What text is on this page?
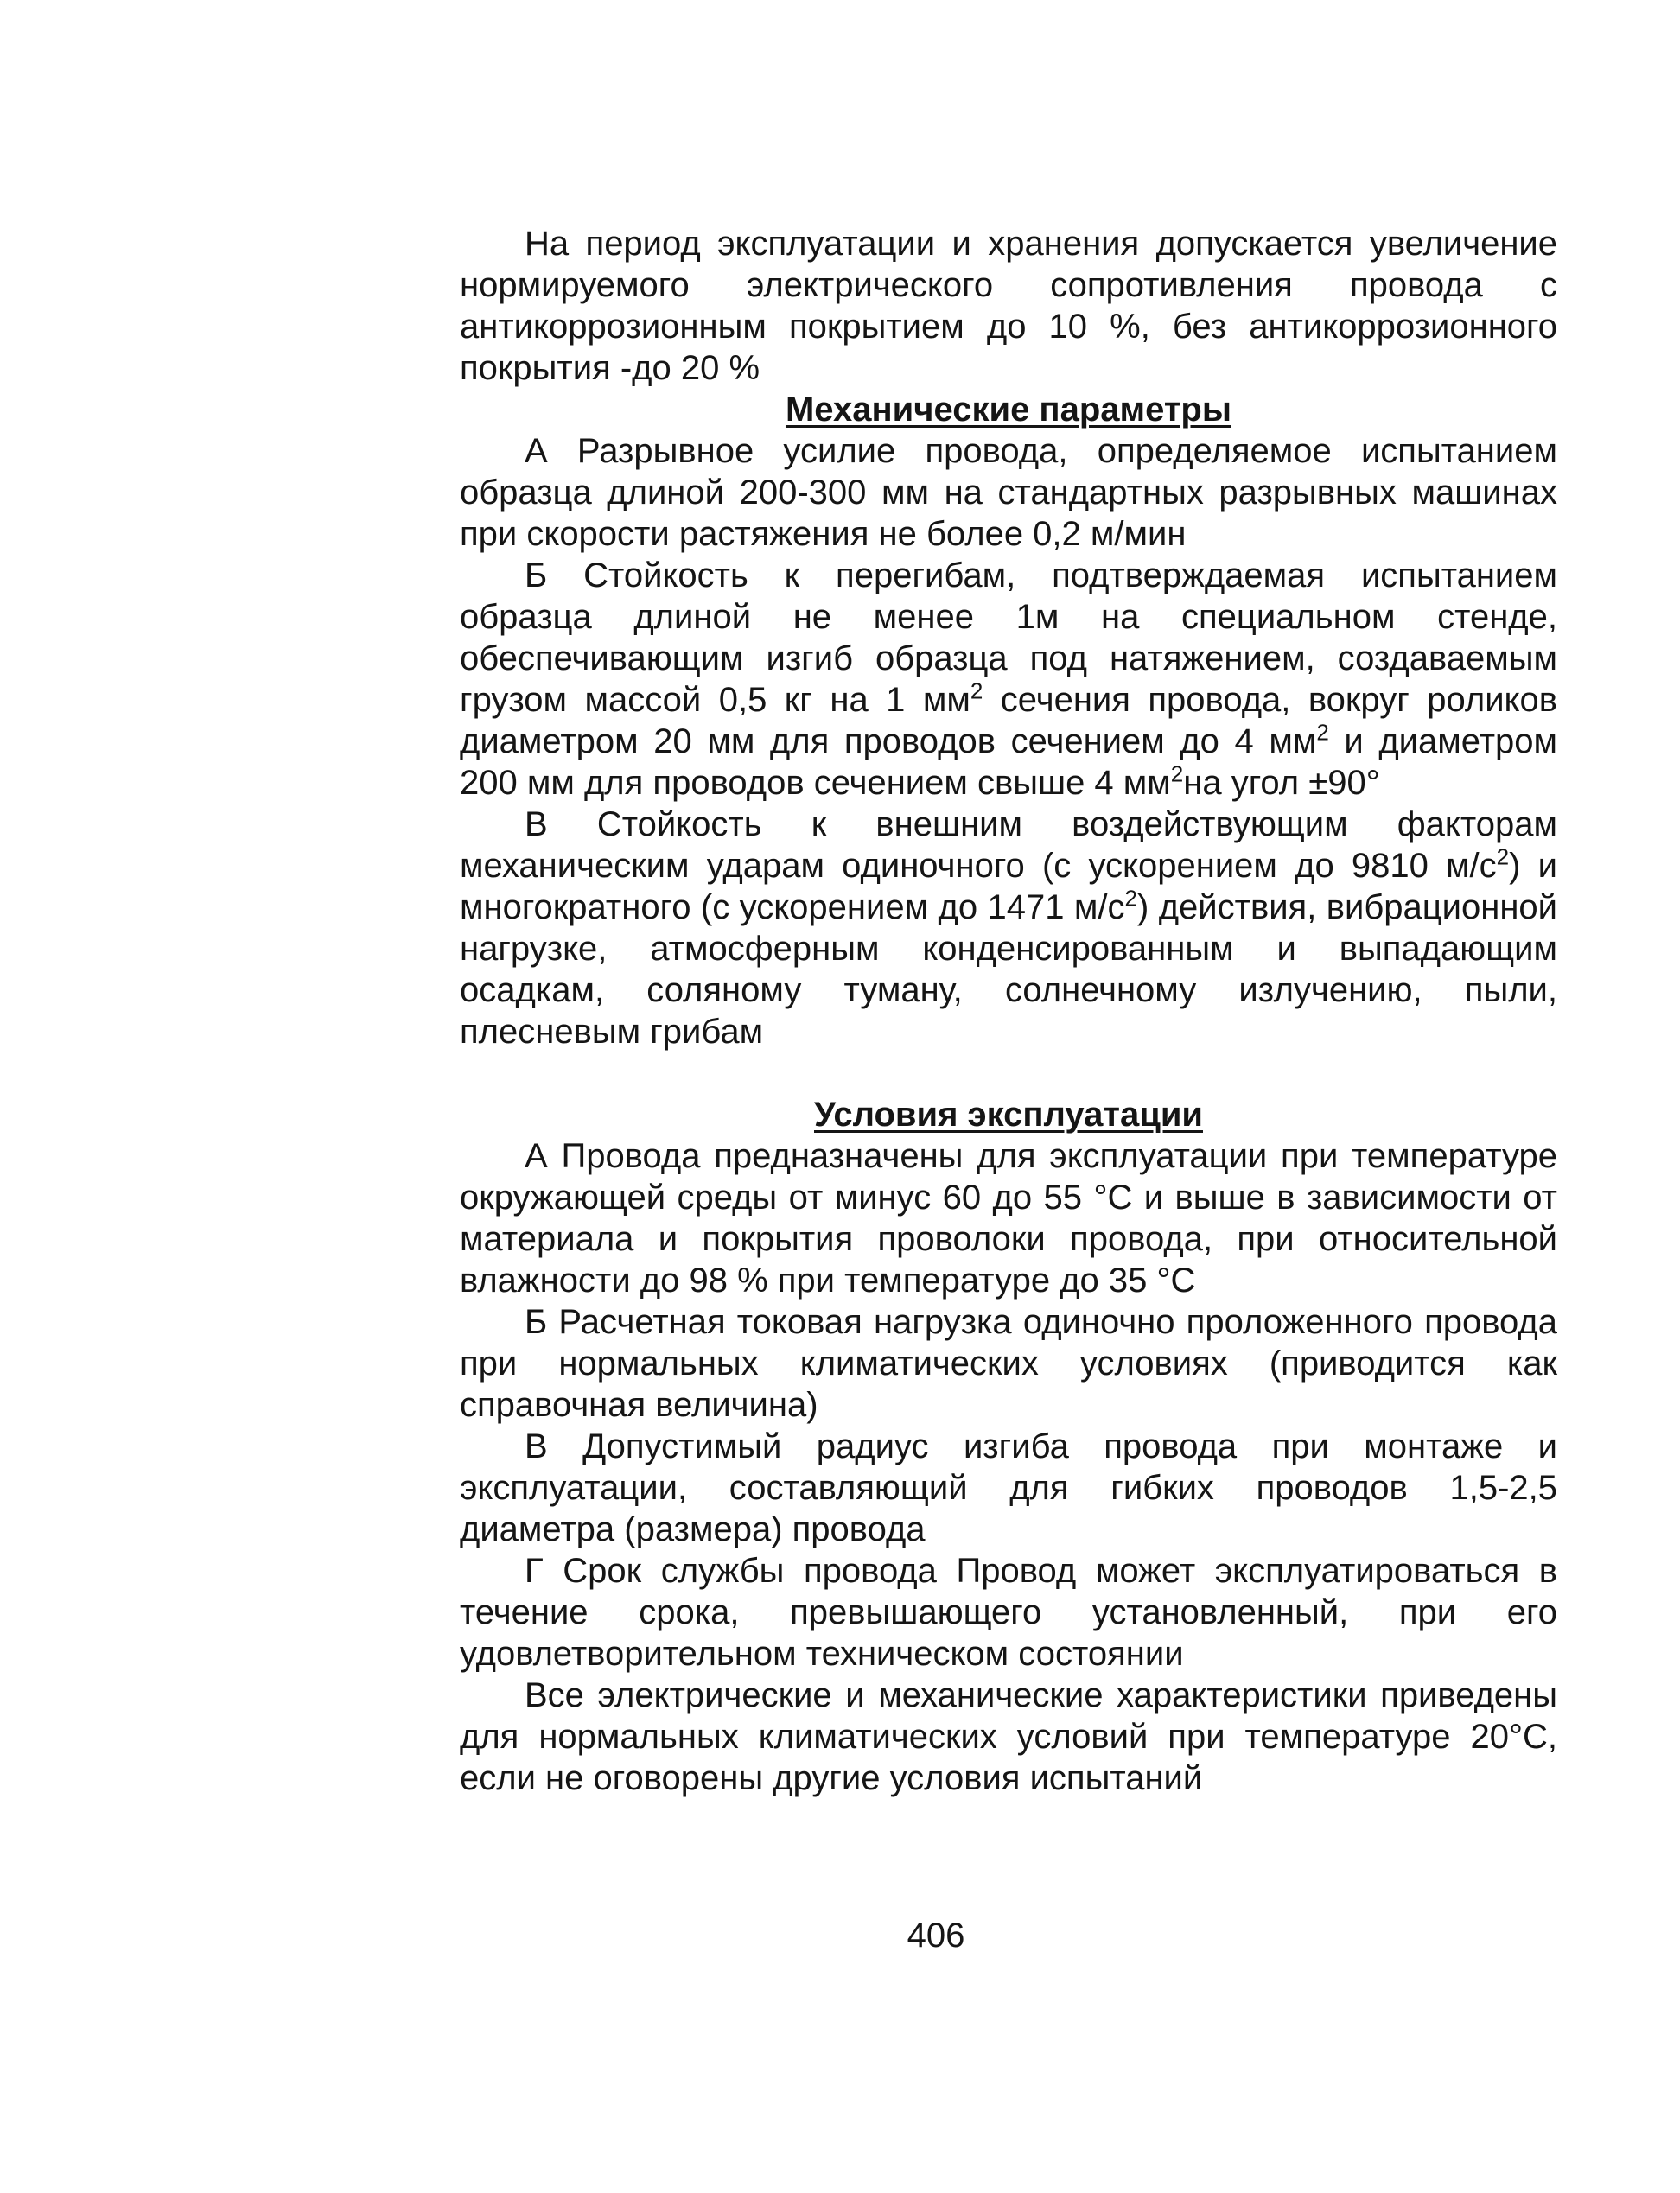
На период эксплуатации и хранения допускается увеличение нормируемого электрического сопротивления провода с антикоррозионным покрытием до 10 %, без антикоррозионного покрытия -до 20 %

Механические параметры

А Разрывное усилие провода, определяемое испытанием образца длиной 200-300 мм на стандартных разрывных машинах при скорости растяжения не более 0,2 м/мин

Б Стойкость к перегибам, подтверждаемая испытанием образца длиной не менее 1м на специальном стенде, обеспечивающим изгиб образца под натяжением, создаваемым грузом массой 0,5 кг на 1 $мм^2$ сечения провода, вокруг роликов диаметром 20 мм для проводов сечением до 4 $мм^2$ и диаметром 200 мм для проводов сечением свыше 4 $мм^2на$ угол ±90°

В Стойкость к внешним воздействующим факторам механическим ударам одиночного (с ускорением до 9810 $м/с^2$) и многократного (с ускорением до 1471 $м/с^2$) действия, вибрационной нагрузке, атмосферным конденсированным и выпадающим осадкам, соляному туману, солнечному излучению, пыли, плесневым грибам

Условия эксплуатации

А Провода предназначены для эксплуатации при температуре окружающей среды от минус 60 до 55 °С и выше в зависимости от материала и покрытия проволоки провода, при относительной влажности до 98 % при температуре до 35 °С

Б Расчетная токовая нагрузка одиночно проложенного провода при нормальных климатических условиях (приводится как справочная величина)

В Допустимый радиус изгиба провода при монтаже и эксплуатации, составляющий для гибких проводов 1,5-2,5 диаметра (размера) провода

Г Срок службы провода Провод может эксплуатироваться в течение срока, превышающего установленный, при его удовлетворительном техническом состоянии

Все электрические и механические характеристики приведены для нормальных климатических условий при температуре 20°С, если не оговорены другие условия испытаний

406
